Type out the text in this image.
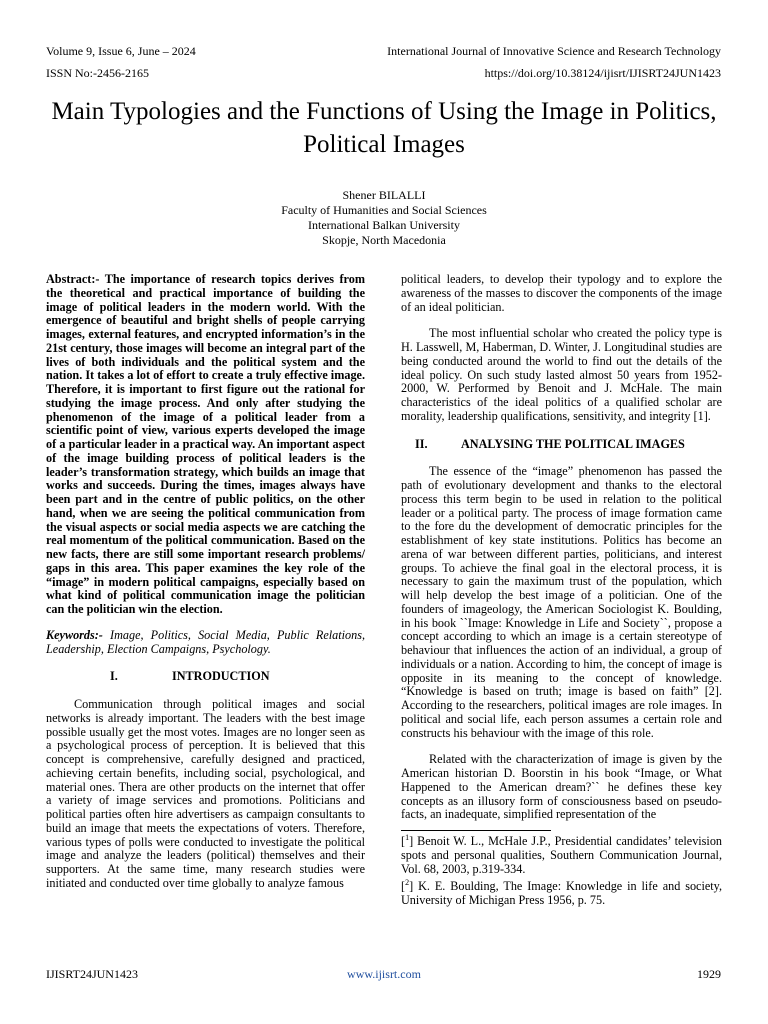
Volume 9, Issue 6, June – 2024	International Journal of Innovative Science and Research Technology
ISSN No:-2456-2165	https://doi.org/10.38124/ijisrt/IJISRT24JUN1423
Main Typologies and the Functions of Using the Image in Politics, Political Images
Shener BILALLI
Faculty of Humanities and Social Sciences
International Balkan University
Skopje, North Macedonia

Abstract:- The importance of research topics derives from the theoretical and practical importance of building the image of political leaders in the modern world. With the emergence of beautiful and bright shells of people carrying images, external features, and encrypted information’s in the 21st century, those images will become an integral part of the lives of both individuals and the political system and the nation. It takes a lot of effort to create a truly effective image. Therefore, it is important to first figure out the rational for studying the image process. And only after studying the phenomenon of the image of a political leader from a scientific point of view, various experts developed the image of a particular leader in a practical way. An important aspect of the image building process of political leaders is the leader’s transformation strategy, which builds an image that works and succeeds. During the times, images always have been part and in the centre of public politics, on the other hand, when we are seeing the political communication from the visual aspects or social media aspects we are catching the real momentum of the political communication. Based on the new facts, there are still some important research problems/ gaps in this area. This paper examines the key role of the “image” in modern political campaigns, especially based on what kind of political communication image the politician can the politician win the election.

Keywords:- Image, Politics, Social Media, Public Relations, Leadership, Election Campaigns, Psychology.

I.	INTRODUCTION

Communication through political images and social networks is already important. The leaders with the best image possible usually get the most votes. Images are no longer seen as a psychological process of perception. It is believed that this concept is comprehensive, carefully designed and practiced, achieving certain benefits, including social, psychological, and material ones. Thera are other products on the internet that offer a variety of image services and promotions. Politicians and political parties often hire advertisers as campaign consultants to build an image that meets the expectations of voters. Therefore, various types of polls were conducted to investigate the political image and analyze the leaders (political) themselves and their supporters. At the same time, many research studies were initiated and conducted over time globally to analyze famous

political leaders, to develop their typology and to explore the awareness of the masses to discover the components of the image of an ideal politician.

The most influential scholar who created the policy type is H. Lasswell, M, Haberman, D. Winter, J. Longitudinal studies are being conducted around the world to find out the details of the ideal policy. On such study lasted almost 50 years from 1952-2000, W. Performed by Benoit and J. McHale. The main characteristics of the ideal politics of a qualified scholar are morality, leadership qualifications, sensitivity, and integrity [1].

II.	ANALYSING THE POLITICAL IMAGES

The essence of the “image” phenomenon has passed the path of evolutionary development and thanks to the electoral process this term begin to be used in relation to the political leader or a political party. The process of image formation came to the fore du the development of democratic principles for the establishment of key state institutions. Politics has become an arena of war between different parties, politicians, and interest groups. To achieve the final goal in the electoral process, it is necessary to gain the maximum trust of the population, which will help develop the best image of a politician. One of the founders of imageology, the American Sociologist K. Boulding, in his book ``Image: Knowledge in Life and Society``, propose a concept according to which an image is a certain stereotype of behaviour that influences the action of an individual, a group of individuals or a nation. According to him, the concept of image is opposite in its meaning to the concept of knowledge. “Knowledge is based on truth; image is based on faith” [2]. According to the researchers, political images are role images. In political and social life, each person assumes a certain role and constructs his behaviour with the image of this role.

Related with the characterization of image is given by the American historian D. Boorstin in his book “Image, or What Happened to the American dream?`` he defines these key concepts as an illusory form of consciousness based on pseudo-facts, an inadequate, simplified representation of the

[$^1$] Benoit W. L., McHale J.P., Presidential candidates’ television spots and personal qualities, Southern Communication Journal, Vol. 68, 2003, p.319-334.

[$^2$] K. E. Boulding, The Image: Knowledge in life and society, University of Michigan Press 1956, p. 75.

IJISRT24JUN1423	www.ijisrt.com	1929
